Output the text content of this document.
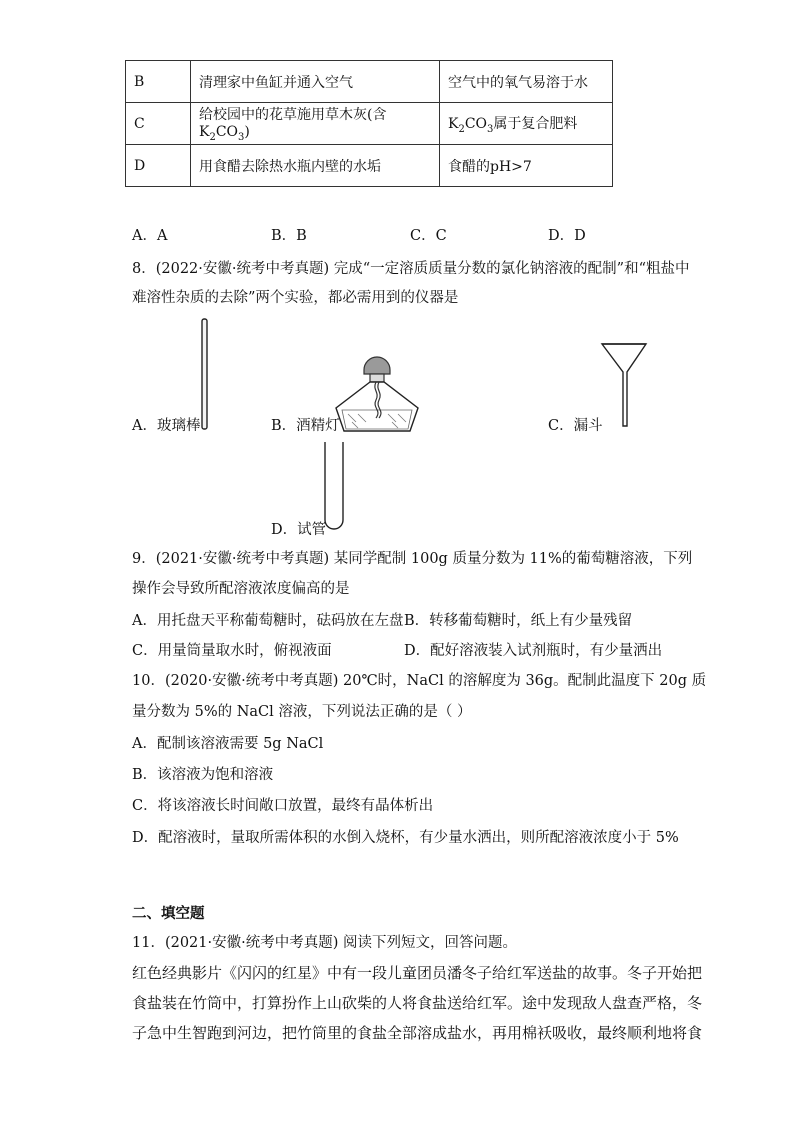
B	清理家中鱼缸并通入空气	空气中的氧气易溶于水
C	给校园中的花草施用草木灰(含$K_2CO_3$)	$K_2CO_3$属于复合肥料
D	用食醋去除热水瓶内壁的水垢	食醋的pH>7
A．A	B．B	C．C	D．D
8．(2022·安徽·统考中考真题) 完成“一定溶质质量分数的氯化钠溶液的配制”和“粗盐中
难溶性杂质的去除”两个实验，都必需用到的仪器是
A．玻璃棒	B．酒精灯	C．漏斗
D．试管
9．(2021·安徽·统考中考真题) 某同学配制 100g 质量分数为 11%的葡萄糖溶液，下列
操作会导致所配溶液浓度偏高的是
A．用托盘天平称葡萄糖时，砝码放在左盘 B．转移葡萄糖时，纸上有少量残留
C．用量筒量取水时，俯视液面	D．配好溶液装入试剂瓶时，有少量洒出
10．(2020·安徽·统考中考真题) 20℃时，NaCl 的溶解度为 36g。配制此温度下 20g 质
量分数为 5%的 NaCl 溶液，下列说法正确的是（ ）
A．配制该溶液需要 5g NaCl
B．该溶液为饱和溶液
C．将该溶液长时间敞口放置，最终有晶体析出
D．配溶液时，量取所需体积的水倒入烧杯，有少量水洒出，则所配溶液浓度小于 5%
二、填空题
11．(2021·安徽·统考中考真题) 阅读下列短文，回答问题。
红色经典影片《闪闪的红星》中有一段儿童团员潘冬子给红军送盐的故事。冬子开始把
食盐装在竹筒中，打算扮作上山砍柴的人将食盐送给红军。途中发现敌人盘查严格，冬
子急中生智跑到河边，把竹筒里的食盐全部溶成盐水，再用棉袄吸收，最终顺利地将食
